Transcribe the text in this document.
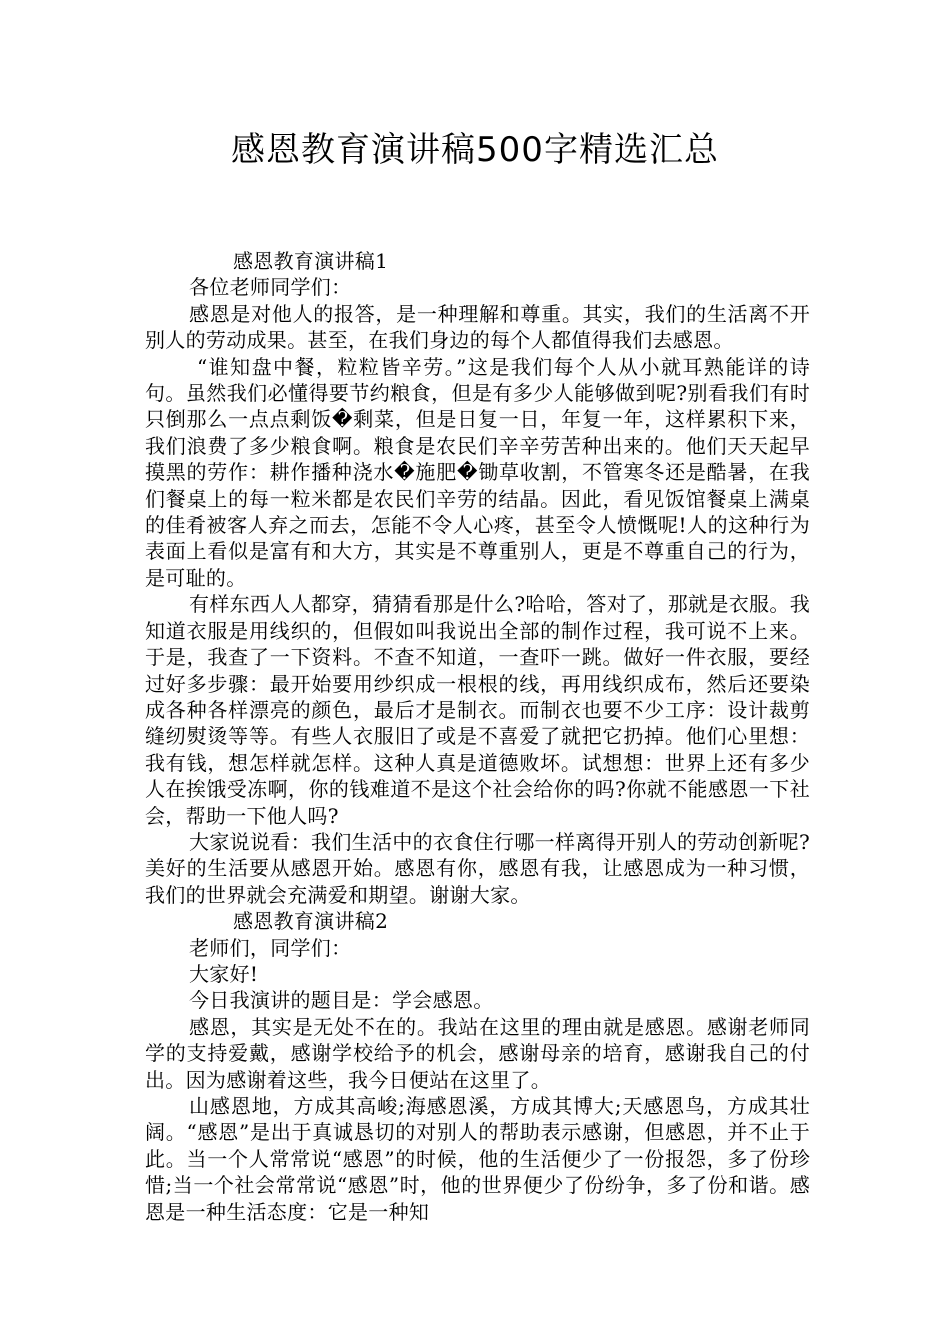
感恩教育演讲稿500字精选汇总

感恩教育演讲稿1

各位老师同学们：

感恩是对他人的报答，是一种理解和尊重。其实，我们的生活离不开别人的劳动成果。甚至，在我们身边的每个人都值得我们去感恩。

“谁知盘中餐，粒粒皆辛劳。”这是我们每个人从小就耳熟能详的诗句。虽然我们必懂得要节约粮食，但是有多少人能够做到呢?别看我们有时只倒那么一点点剩饭�剩菜，但是日复一日，年复一年，这样累积下来，我们浪费了多少粮食啊。粮食是农民们辛辛劳苦种出来的。他们天天起早摸黑的劳作：耕作播种浇水�施肥�锄草收割，不管寒冬还是酷暑，在我们餐桌上的每一粒米都是农民们辛劳的结晶。因此，看见饭馆餐桌上满桌的佳肴被客人弃之而去，怎能不令人心疼，甚至令人愤慨呢!人的这种行为表面上看似是富有和大方，其实是不尊重别人，更是不尊重自己的行为，是可耻的。

有样东西人人都穿，猜猜看那是什么?哈哈，答对了，那就是衣服。我知道衣服是用线织的，但假如叫我说出全部的制作过程，我可说不上来。于是，我查了一下资料。不查不知道，一查吓一跳。做好一件衣服，要经过好多步骤：最开始要用纱织成一根根的线，再用线织成布，然后还要染成各种各样漂亮的颜色，最后才是制衣。而制衣也要不少工序：设计裁剪缝纫熨烫等等。有些人衣服旧了或是不喜爱了就把它扔掉。他们心里想：我有钱，想怎样就怎样。这种人真是道德败坏。试想想：世界上还有多少人在挨饿受冻啊，你的钱难道不是这个社会给你的吗?你就不能感恩一下社会，帮助一下他人吗?

大家说说看：我们生活中的衣食住行哪一样离得开别人的劳动创新呢?美好的生活要从感恩开始。感恩有你，感恩有我，让感恩成为一种习惯，我们的世界就会充满爱和期望。谢谢大家。

感恩教育演讲稿2

老师们，同学们：

大家好!

今日我演讲的题目是：学会感恩。

感恩，其实是无处不在的。我站在这里的理由就是感恩。感谢老师同学的支持爱戴，感谢学校给予的机会，感谢母亲的培育，感谢我自己的付出。因为感谢着这些，我今日便站在这里了。

山感恩地，方成其高峻;海感恩溪，方成其博大;天感恩鸟，方成其壮阔。“感恩”是出于真诚恳切的对别人的帮助表示感谢，但感恩，并不止于此。当一个人常常说“感恩”的时候，他的生活便少了一份报怨，多了份珍惜;当一个社会常常说“感恩”时，他的世界便少了份纷争，多了份和谐。感恩是一种生活态度：它是一种知
